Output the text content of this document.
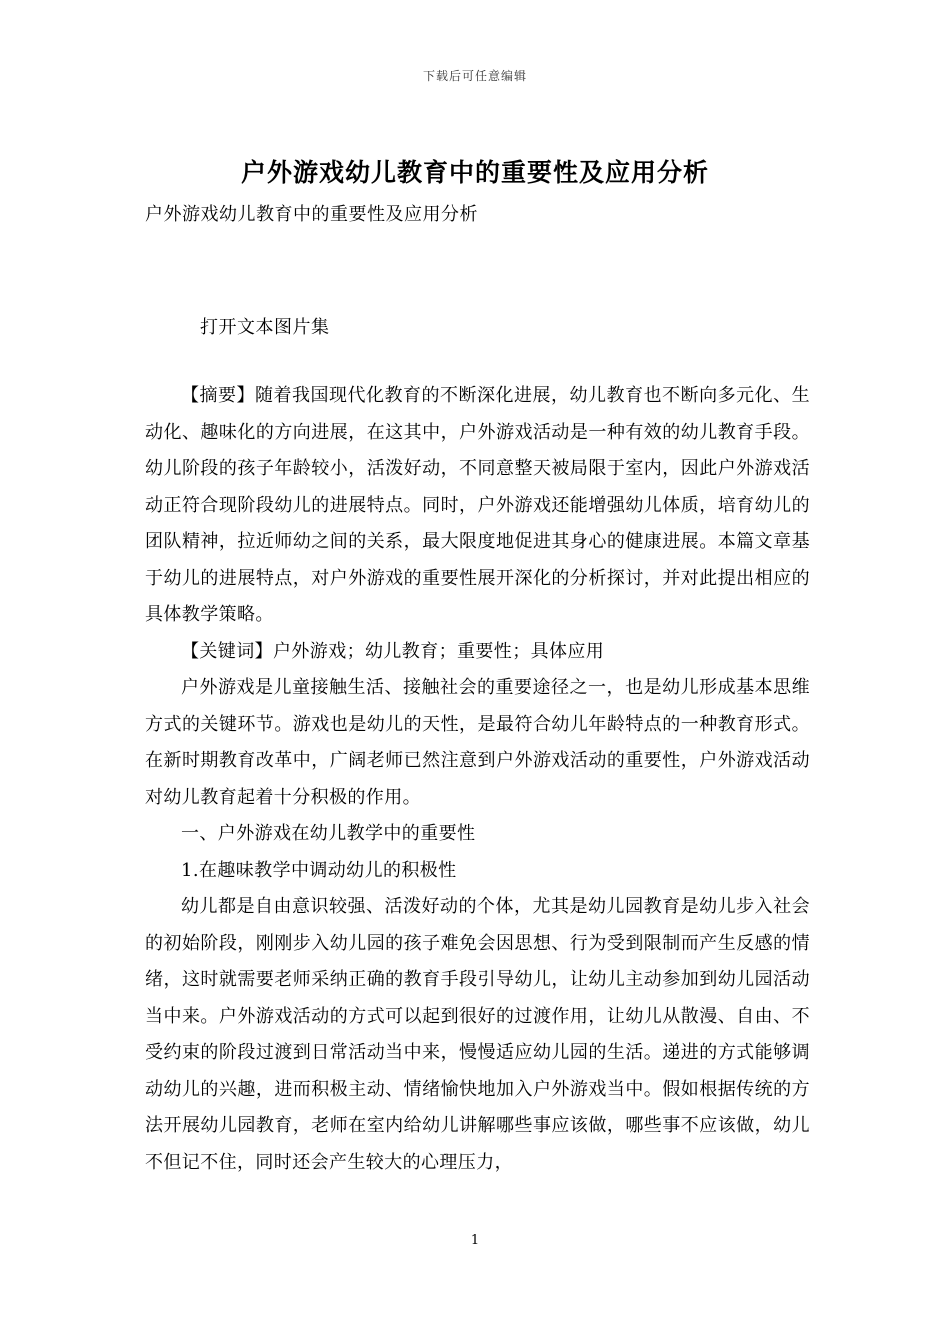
下载后可任意编辑
户外游戏幼儿教育中的重要性及应用分析
户外游戏幼儿教育中的重要性及应用分析
打开文本图片集

【摘要】随着我国现代化教育的不断深化进展，幼儿教育也不断向多元化、生动化、趣味化的方向进展，在这其中，户外游戏活动是一种有效的幼儿教育手段。幼儿阶段的孩子年龄较小，活泼好动，不同意整天被局限于室内，因此户外游戏活动正符合现阶段幼儿的进展特点。同时，户外游戏还能增强幼儿体质，培育幼儿的团队精神，拉近师幼之间的关系，最大限度地促进其身心的健康进展。本篇文章基于幼儿的进展特点，对户外游戏的重要性展开深化的分析探讨，并对此提出相应的具体教学策略。

【关键词】户外游戏；幼儿教育；重要性；具体应用

户外游戏是儿童接触生活、接触社会的重要途径之一，也是幼儿形成基本思维方式的关键环节。游戏也是幼儿的天性，是最符合幼儿年龄特点的一种教育形式。在新时期教育改革中，广阔老师已然注意到户外游戏活动的重要性，户外游戏活动对幼儿教育起着十分积极的作用。

一、户外游戏在幼儿教学中的重要性

1.在趣味教学中调动幼儿的积极性

幼儿都是自由意识较强、活泼好动的个体，尤其是幼儿园教育是幼儿步入社会的初始阶段，刚刚步入幼儿园的孩子难免会因思想、行为受到限制而产生反感的情绪，这时就需要老师采纳正确的教育手段引导幼儿，让幼儿主动参加到幼儿园活动当中来。户外游戏活动的方式可以起到很好的过渡作用，让幼儿从散漫、自由、不受约束的阶段过渡到日常活动当中来，慢慢适应幼儿园的生活。递进的方式能够调动幼儿的兴趣，进而积极主动、情绪愉快地加入户外游戏当中。假如根据传统的方法开展幼儿园教育，老师在室内给幼儿讲解哪些事应该做，哪些事不应该做，幼儿不但记不住，同时还会产生较大的心理压力，

1
